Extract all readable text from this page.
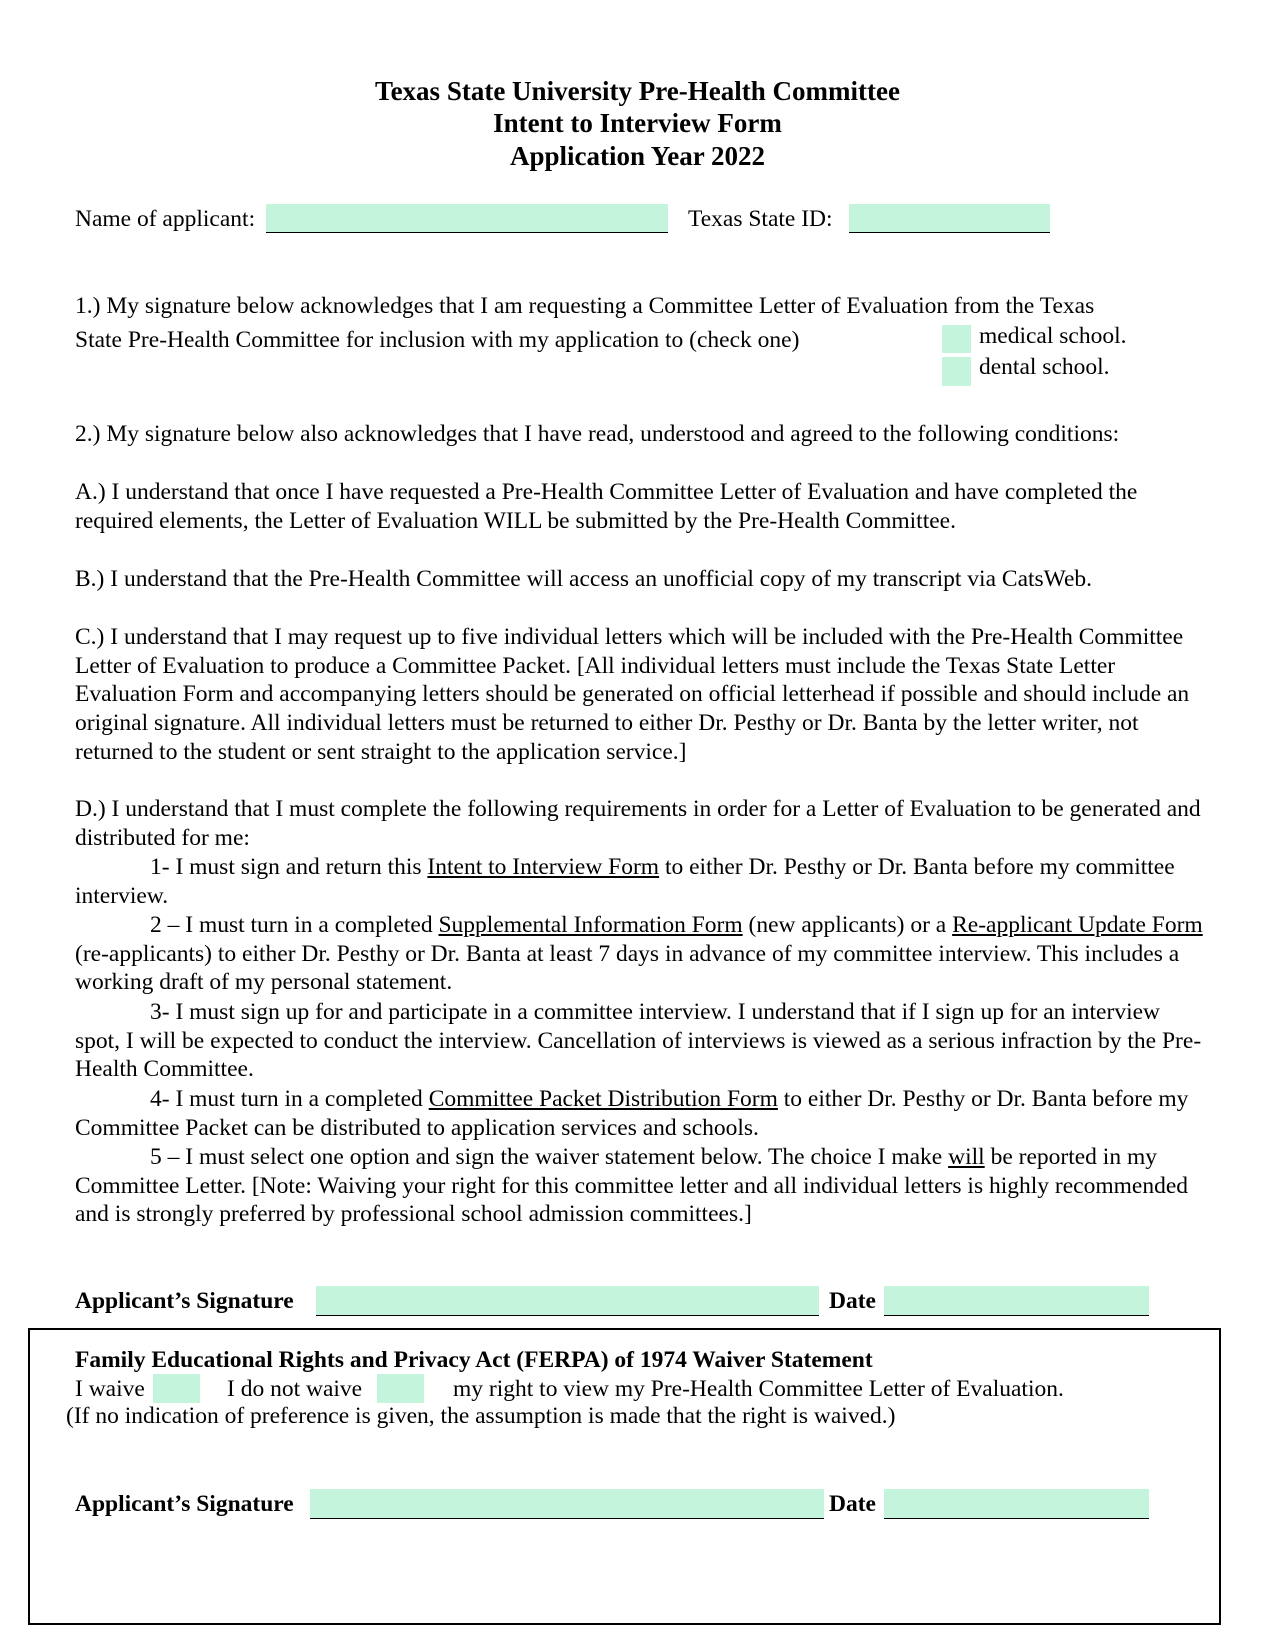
Texas State University Pre-Health Committee
Intent to Interview Form
Application Year 2022
Name of applicant:	Texas State ID:
1.) My signature below acknowledges that I am requesting a Committee Letter of Evaluation from the Texas
State Pre-Health Committee for inclusion with my application to (check one)	medical school.
dental school.
2.) My signature below also acknowledges that I have read, understood and agreed to the following conditions:
A.) I understand that once I have requested a Pre-Health Committee Letter of Evaluation and have completed the required elements, the Letter of Evaluation WILL be submitted by the Pre-Health Committee.
B.) I understand that the Pre-Health Committee will access an unofficial copy of my transcript via CatsWeb.
C.) I understand that I may request up to five individual letters which will be included with the Pre-Health Committee Letter of Evaluation to produce a Committee Packet. [All individual letters must include the Texas State Letter Evaluation Form and accompanying letters should be generated on official letterhead if possible and should include an original signature. All individual letters must be returned to either Dr. Pesthy or Dr. Banta by the letter writer, not returned to the student or sent straight to the application service.]
D.) I understand that I must complete the following requirements in order for a Letter of Evaluation to be generated and distributed for me:
1- I must sign and return this Intent to Interview Form to either Dr. Pesthy or Dr. Banta before my committee interview.
2 – I must turn in a completed Supplemental Information Form (new applicants) or a Re-applicant Update Form (re-applicants) to either Dr. Pesthy or Dr. Banta at least 7 days in advance of my committee interview. This includes a working draft of my personal statement.
3- I must sign up for and participate in a committee interview. I understand that if I sign up for an interview spot, I will be expected to conduct the interview. Cancellation of interviews is viewed as a serious infraction by the Pre-Health Committee.
4- I must turn in a completed Committee Packet Distribution Form to either Dr. Pesthy or Dr. Banta before my Committee Packet can be distributed to application services and schools.
5 – I must select one option and sign the waiver statement below. The choice I make will be reported in my Committee Letter. [Note: Waiving your right for this committee letter and all individual letters is highly recommended and is strongly preferred by professional school admission committees.]
Applicant’s Signature	Date
Family Educational Rights and Privacy Act (FERPA) of 1974 Waiver Statement
I waive	I do not waive	my right to view my Pre-Health Committee Letter of Evaluation.
(If no indication of preference is given, the assumption is made that the right is waived.)
Applicant’s Signature	Date
